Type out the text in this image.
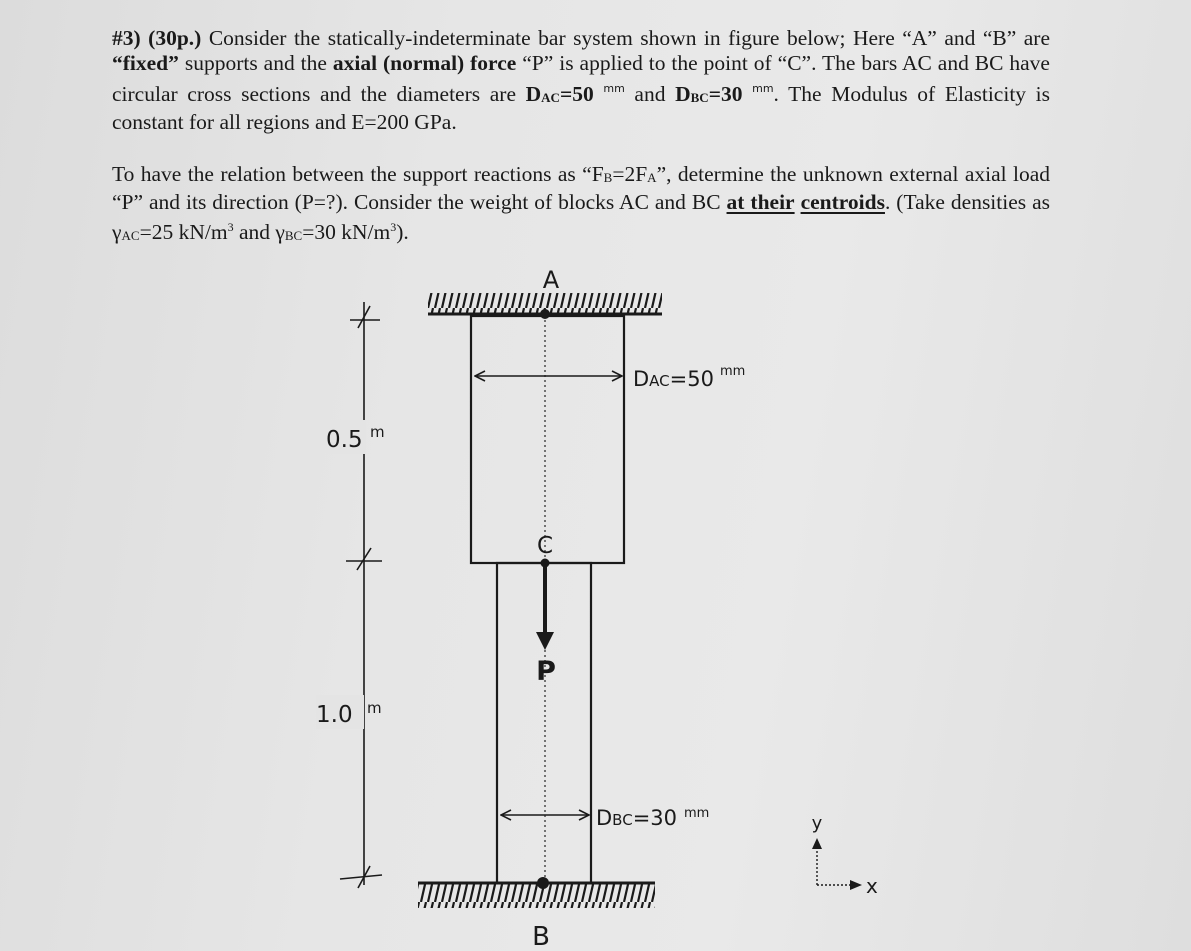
#3) (30p.) Consider the statically-indeterminate bar system shown in figure below; Here “A” and “B” are “fixed” supports and the axial (normal) force “P” is applied to the point of “C”. The bars AC and BC have circular cross sections and the diameters are $D_{AC}=50$ $^{mm}$ and $D_{BC}=30$ $^{mm}$. The Modulus of Elasticity is constant for all regions and E=200 GPa.

To have the relation between the support reactions as “$F_B=2F_A$”, determine the unknown external axial load “P” and its direction (P=?). Consider the weight of blocks AC and BC at their centroids. (Take densities as $\gamma_{AC}=25$ $kN/m^3$ and $\gamma_{BC}=30$ $kN/m^3$).

A
DAC=50 mm
DBC=30 mm
C
P
B
0.5 m
1.0 m
y
x
